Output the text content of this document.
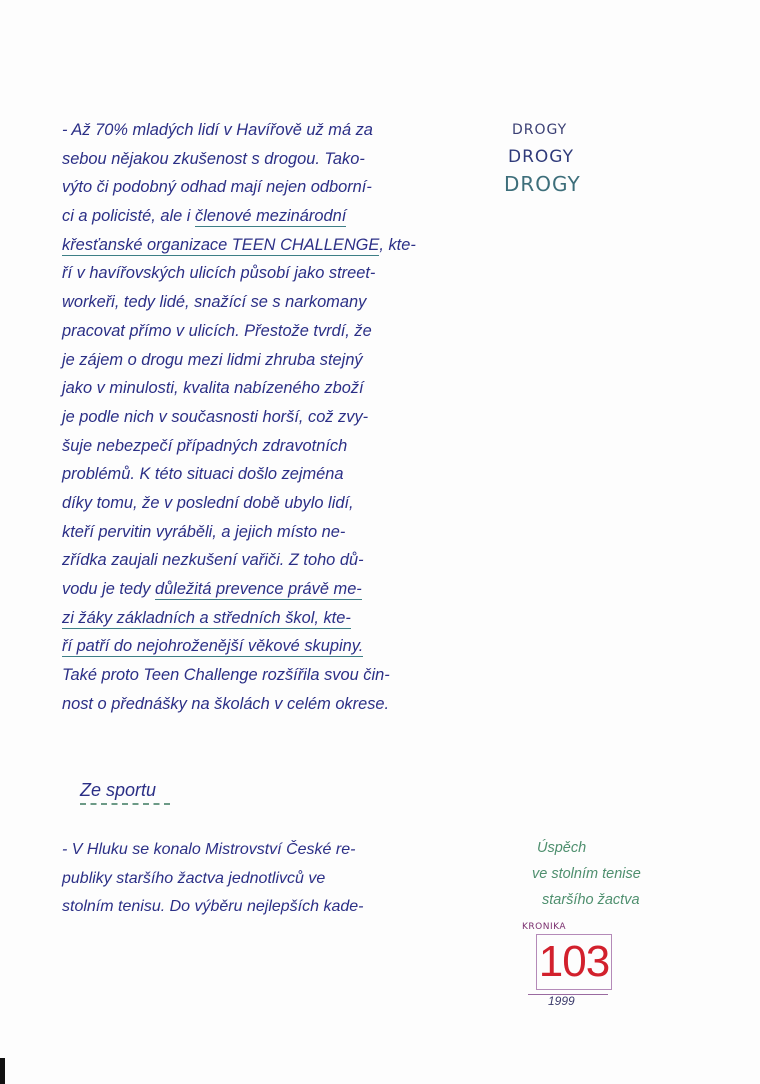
- Až 70% mladých lidí v Havířově už má za
sebou nějakou zkušenost s drogou. Tako-
výto či podobný odhad mají nejen odborní-
ci a policisté, ale i členové mezinárodní
křesťanské organizace TEEN CHALLENGE, kte-
ří v havířovských ulicích působí jako street-
workeři, tedy lidé, snažící se s narkomany
pracovat přímo v ulicích. Přestože tvrdí, že
je zájem o drogu mezi lidmi zhruba stejný
jako v minulosti, kvalita nabízeného zboží
je podle nich v současnosti horší, což zvy-
šuje nebezpečí případných zdravotních
problémů. K této situaci došlo zejména
díky tomu, že v poslední době ubylo lidí,
kteří pervitin vyráběli, a jejich místo ne-
zřídka zaujali nezkušení vařiči. Z toho dů-
vodu je tedy důležitá prevence právě me-
zi žáky základních a středních škol, kte-
ří patří do nejohroženější věkové skupiny.
Také proto Teen Challenge rozšířila svou čin-
nost o přednášky na školách v celém okrese.
DROGY
DROGY
DROGY
Ze sportu
- V Hluku se konalo Mistrovství České re-
publiky staršího žactva jednotlivců ve
stolním tenisu. Do výběru nejlepších kade-
Úspěch
ve stolním tenise
staršího žactva
KRONIKA
103
1999
